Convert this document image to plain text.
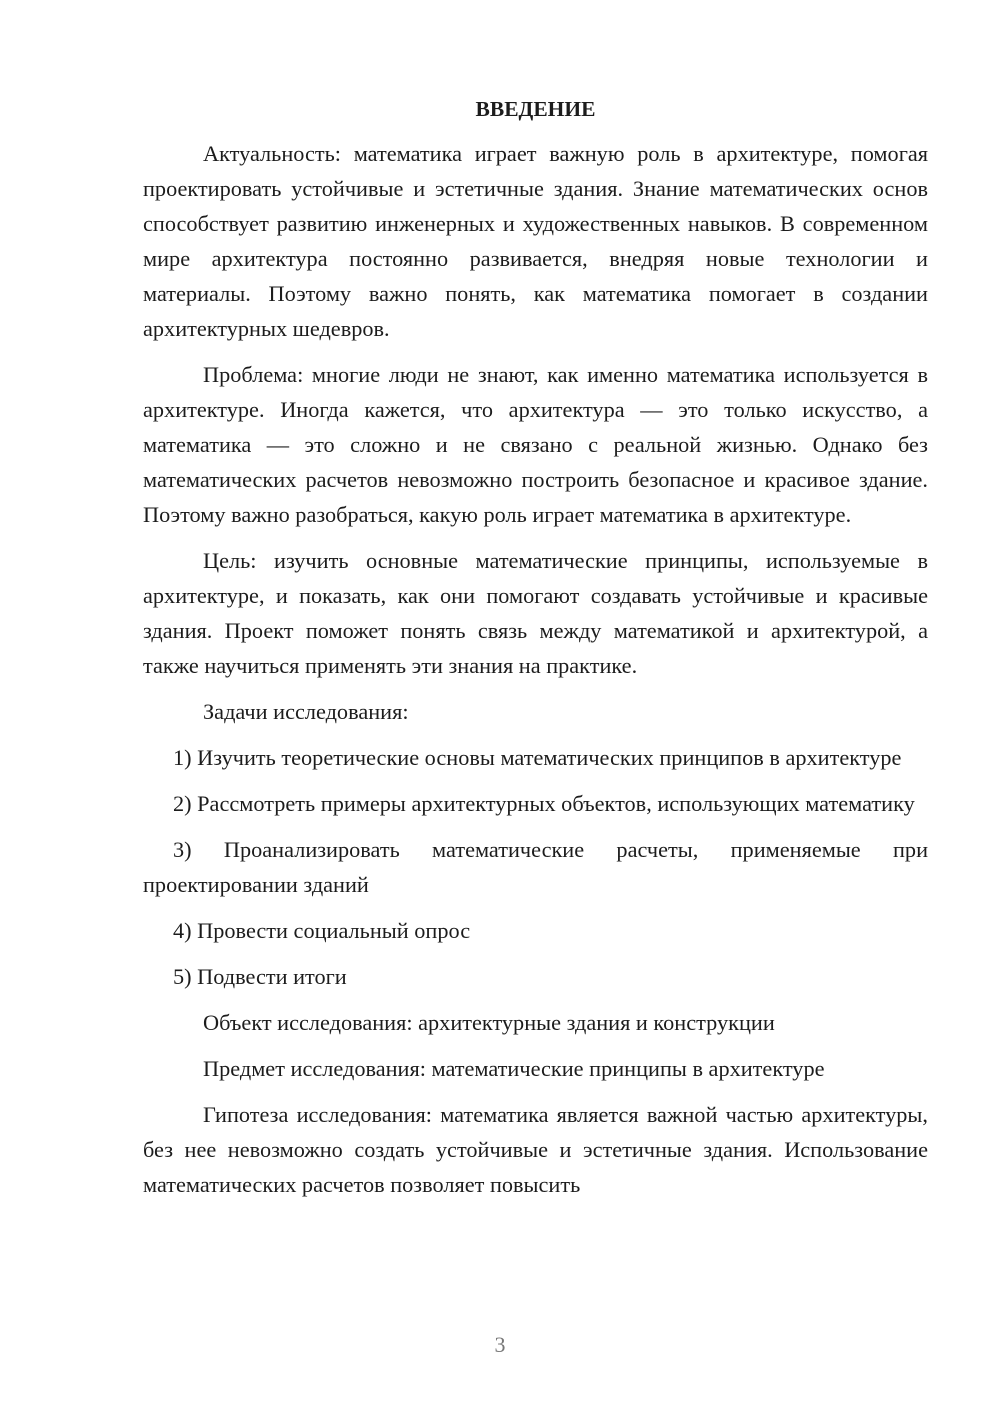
ВВЕДЕНИЕ

Актуальность: математика играет важную роль в архитектуре, помогая проектировать устойчивые и эстетичные здания. Знание математических основ способствует развитию инженерных и художественных навыков. В современном мире архитектура постоянно развивается, внедряя новые технологии и материалы. Поэтому важно понять, как математика помогает в создании архитектурных шедевров.

Проблема: многие люди не знают, как именно математика используется в архитектуре. Иногда кажется, что архитектура — это только искусство, а математика — это сложно и не связано с реальной жизнью. Однако без математических расчетов невозможно построить безопасное и красивое здание. Поэтому важно разобраться, какую роль играет математика в архитектуре.

Цель: изучить основные математические принципы, используемые в архитектуре, и показать, как они помогают создавать устойчивые и красивые здания. Проект поможет понять связь между математикой и архитектурой, а также научиться применять эти знания на практике.

Задачи исследования:

1) Изучить теоретические основы математических принципов в архитектуре

2) Рассмотреть примеры архитектурных объектов, использующих математику

3) Проанализировать математические расчеты, применяемые при проектировании зданий

4) Провести социальный опрос

5) Подвести итоги

Объект исследования: архитектурные здания и конструкции

Предмет исследования: математические принципы в архитектуре

Гипотеза исследования: математика является важной частью архитектуры, без нее невозможно создать устойчивые и эстетичные здания. Использование математических расчетов позволяет повысить

3
